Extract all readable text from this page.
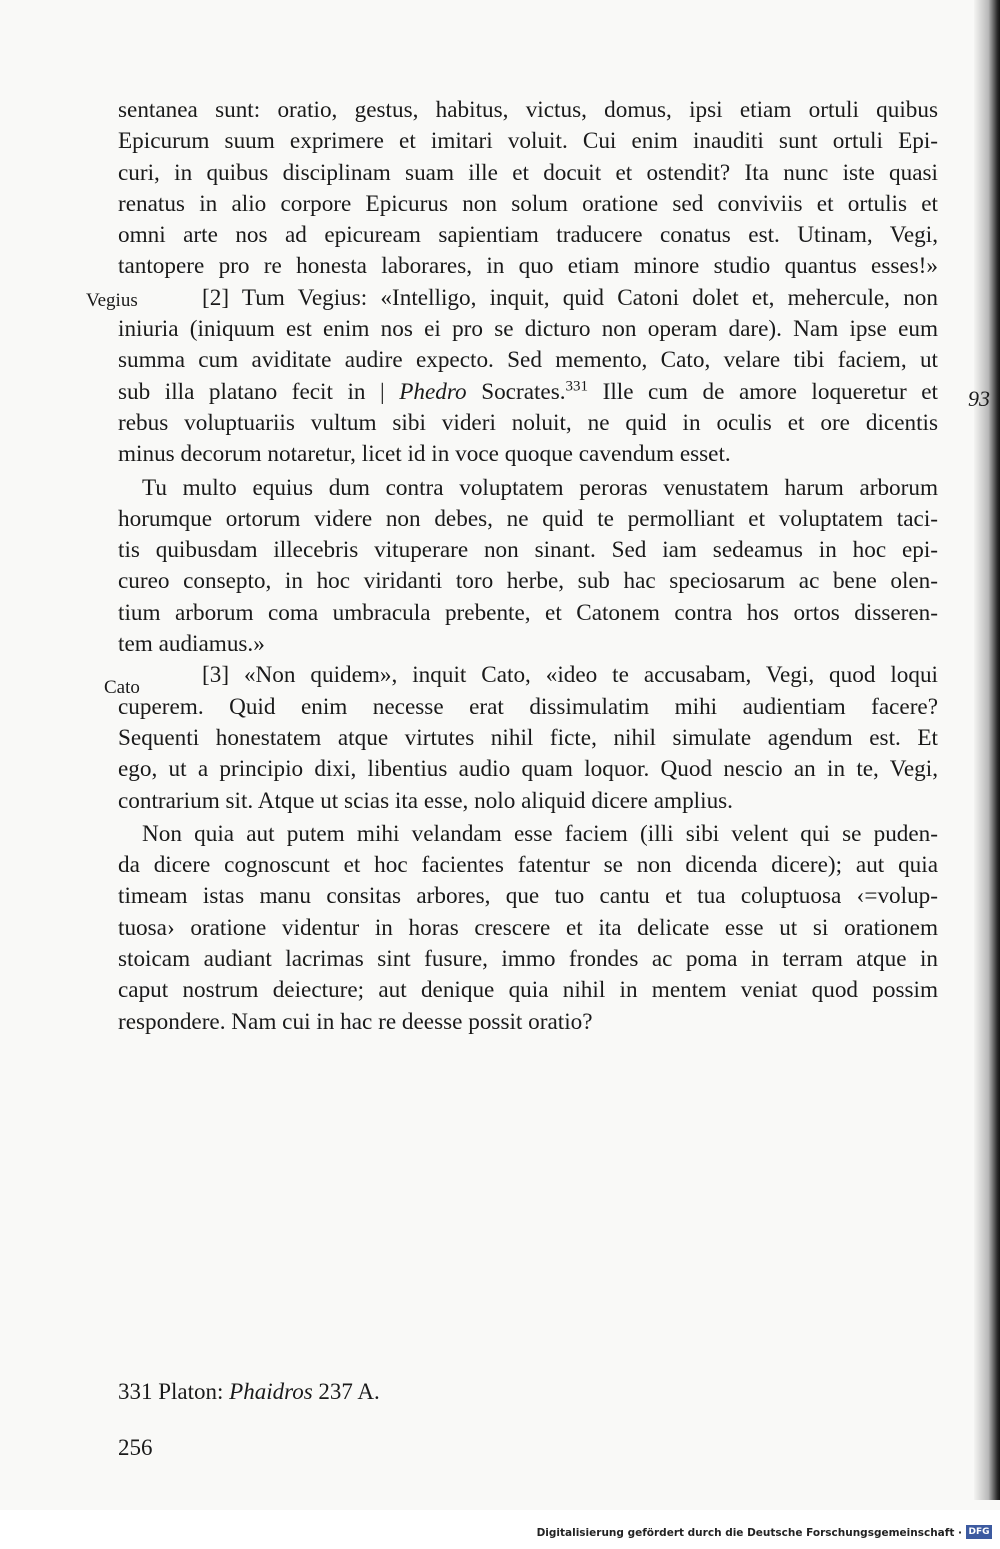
sentanea sunt: oratio, gestus, habitus, victus, domus, ipsi etiam ortuli quibus
Epicurum suum exprimere et imitari voluit. Cui enim inauditi sunt ortuli Epi-
curi, in quibus disciplinam suam ille et docuit et ostendit? Ita nunc iste quasi
renatus in alio corpore Epicurus non solum oratione sed conviviis et ortulis et
omni arte nos ad epicuream sapientiam traducere conatus est. Utinam, Vegi,
tantopere pro re honesta laborares, in quo etiam minore studio quantus esses!»

[2] Tum Vegius: «Intelligo, inquit, quid Catoni dolet et, mehercule, non
iniuria (iniquum est enim nos ei pro se dicturo non operam dare). Nam ipse eum
summa cum aviditate audire expecto. Sed memento, Cato, velare tibi faciem, ut
sub illa platano fecit in | Phedro Socrates.$^{331}$ Ille cum de amore loqueretur et
rebus voluptuariis vultum sibi videri noluit, ne quid in oculis et ore dicentis
minus decorum notaretur, licet id in voce quoque cavendum esset.

Tu multo equius dum contra voluptatem peroras venustatem harum arborum
horumque ortorum videre non debes, ne quid te permolliant et voluptatem taci-
tis quibusdam illecebris vituperare non sinant. Sed iam sedeamus in hoc epi-
cureo consepto, in hoc viridanti toro herbe, sub hac speciosarum ac bene olen-
tium arborum coma umbracula prebente, et Catonem contra hos ortos disseren-
tem audiamus.»

[3] «Non quidem», inquit Cato, «ideo te accusabam, Vegi, quod loqui
cuperem. Quid enim necesse erat dissimulatim mihi audientiam facere?
Sequenti honestatem atque virtutes nihil ficte, nihil simulate agendum est. Et
ego, ut a principio dixi, libentius audio quam loquor. Quod nescio an in te, Vegi,
contrarium sit. Atque ut scias ita esse, nolo aliquid dicere amplius.

Non quia aut putem mihi velandam esse faciem (illi sibi velent qui se puden-
da dicere cognoscunt et hoc facientes fatentur se non dicenda dicere); aut quia
timeam istas manu consitas arbores, que tuo cantu et tua coluptuosa ‹=volup-
tuosa› oratione videntur in horas crescere et ita delicate esse ut si orationem
stoicam audiant lacrimas sint fusure, immo frondes ac poma in terram atque in
caput nostrum deiecture; aut denique quia nihil in mentem veniat quod possim
respondere. Nam cui in hac re deesse possit oratio?

Vegius
Cato
93
331 Platon: Phaidros 237 A.
256
Digitalisierung gefördert durch die Deutsche Forschungsgemeinschaft · DFG
